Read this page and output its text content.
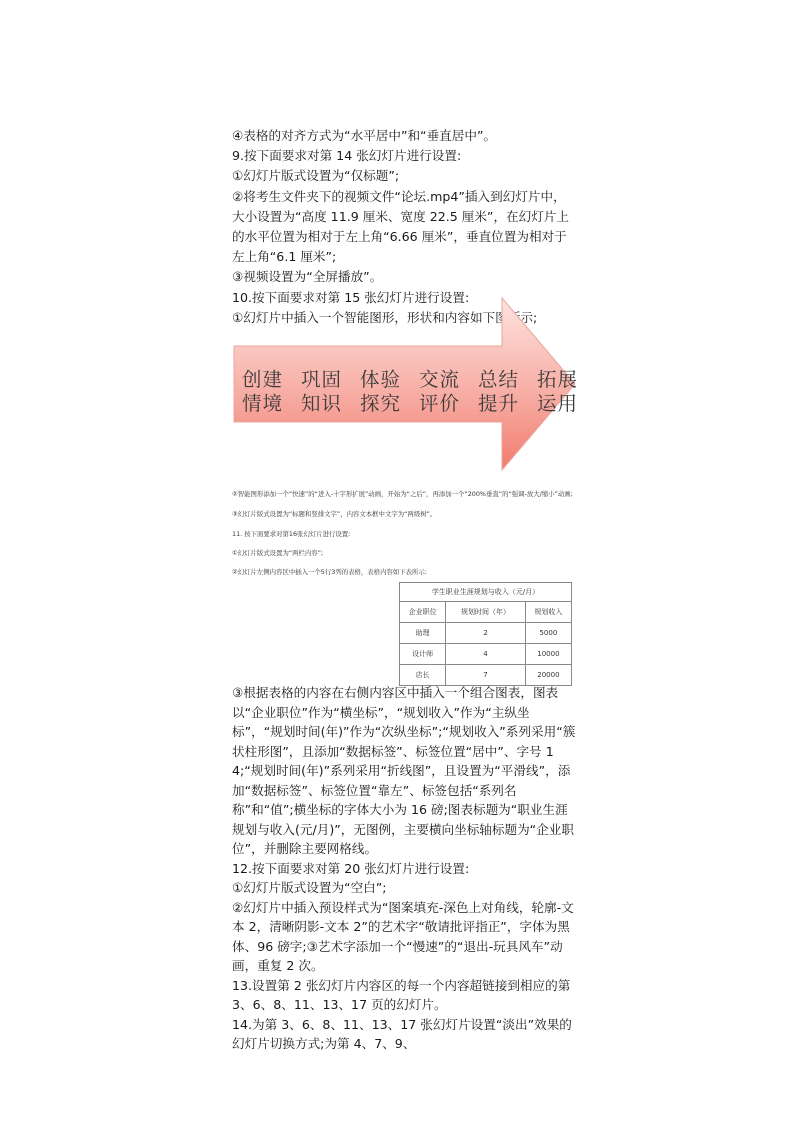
④表格的对齐方式为“水平居中”和“垂直居中”。

9.按下面要求对第 14 张幻灯片进行设置:

①幻灯片版式设置为“仅标题”;

②将考生文件夹下的视频文件“论坛.mp4”插入到幻灯片中，大小设置为“高度 11.9 厘米、宽度 22.5 厘米”，在幻灯片上的水平位置为相对于左上角“6.66 厘米”，垂直位置为相对于左上角“6.1 厘米”;

③视频设置为“全屏播放”。

10.按下面要求对第 15 张幻灯片进行设置:

①幻灯片中插入一个智能图形，形状和内容如下图所示;

创建 巩固 体验 交流 总结 拓展
情境 知识 探究 评价 提升 运用
②智能图形添加一个“快速”的“进入-十字形扩展”动画，开始为“之后”，再添加一个“200%垂直”的“强调-放大/缩小”动画;
③幻灯片版式设置为“标题和竖排文字”，内容文本框中文字为“两级树”。
11. 按下面要求对第16张幻灯片进行设置:
①幻灯片版式设置为“两栏内容”;
②幻灯片左侧内容区中插入一个5行3列的表格，表格内容如下表所示:
学生职业生涯规划与收入（元/月）		
企业职位	规划时间（年）	规划收入
助理	2	5000
设计师	4	10000
店长	7	20000

③根据表格的内容在右侧内容区中插入一个组合图表，图表以“企业职位”作为“横坐标”，“规划收入”作为“主纵坐标”，“规划时间(年)”作为“次纵坐标”;“规划收入”系列采用“簇状柱形图”，且添加“数据标签”、标签位置“居中”、字号 14;“规划时间(年)”系列采用“折线图”，且设置为“平滑线”，添加“数据标签”、标签位置“靠左”、标签包括“系列名称”和“值”;横坐标的字体大小为 16 磅;图表标题为“职业生涯规划与收入(元/月)”，无图例，主要横向坐标轴标题为“企业职位”，并删除主要网格线。

12.按下面要求对第 20 张幻灯片进行设置:

①幻灯片版式设置为“空白”;

②幻灯片中插入预设样式为“图案填充-深色上对角线，轮廓-文本 2，清晰阴影-文本 2”的艺术字“敬请批评指正”，字体为黑体、96 磅字;③艺术字添加一个“慢速”的“退出-玩具风车”动画，重复 2 次。

13.设置第 2 张幻灯片内容区的每一个内容超链接到相应的第 3、6、8、11、13、17 页的幻灯片。

14.为第 3、6、8、11、13、17 张幻灯片设置“淡出”效果的幻灯片切换方式;为第 4、7、9、
